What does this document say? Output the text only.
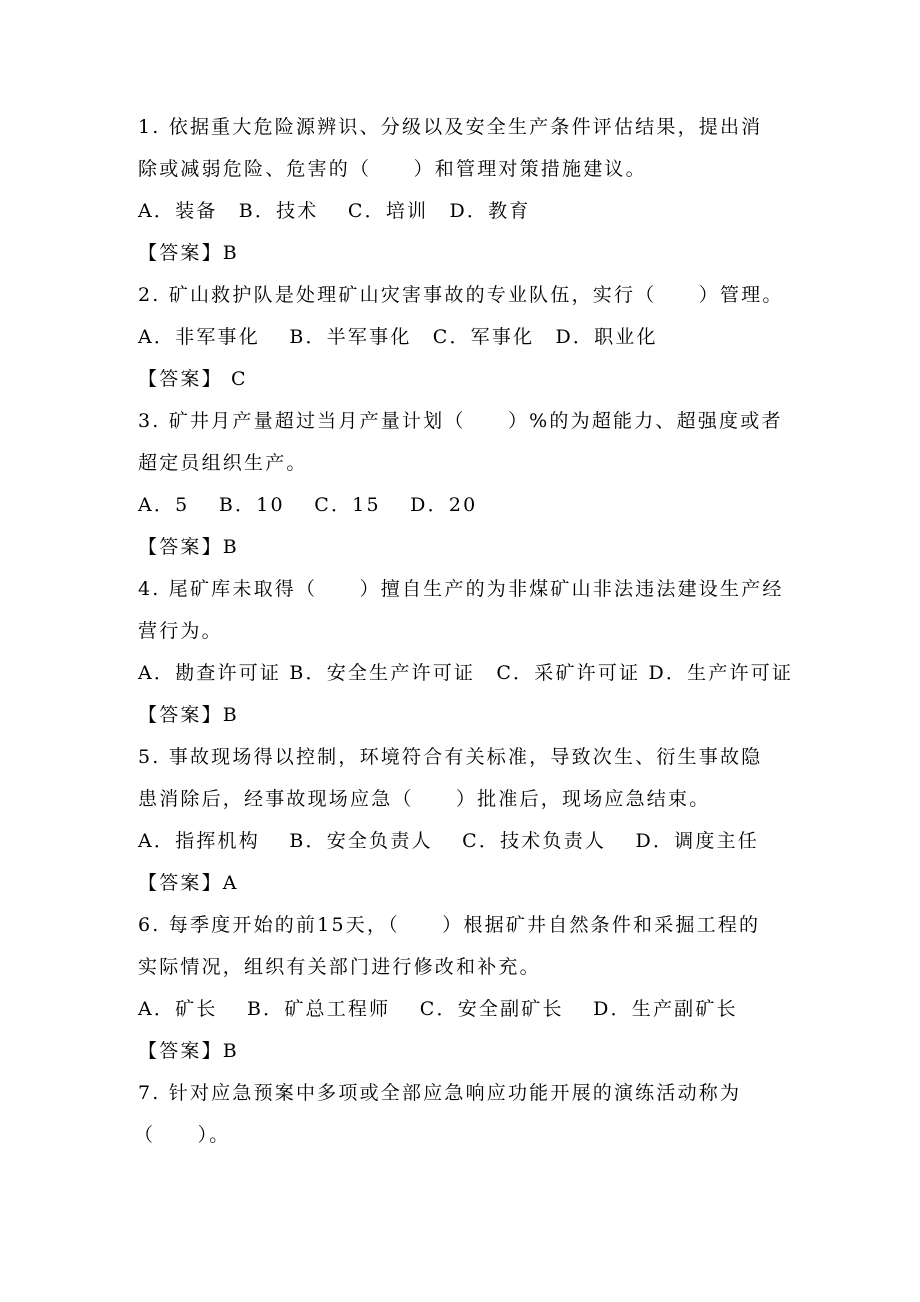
1. 依据重大危险源辨识、分级以及安全生产条件评估结果，提出消
除或减弱危险、危害的（　　）和管理对策措施建议。
A．装备　B．技术　 C．培训　D．教育
【答案】B
2. 矿山救护队是处理矿山灾害事故的专业队伍，实行（　　）管理。
A．非军事化　 B．半军事化　C．军事化　D．职业化
【答案】 C
3. 矿井月产量超过当月产量计划（　　）%的为超能力、超强度或者
超定员组织生产。
A．5　 B．10　 C．15　 D．20
【答案】B
4. 尾矿库未取得（　　）擅自生产的为非煤矿山非法违法建设生产经
营行为。
A．勘查许可证 B．安全生产许可证　C．采矿许可证 D．生产许可证
【答案】B
5. 事故现场得以控制，环境符合有关标准，导致次生、衍生事故隐
患消除后，经事故现场应急（　　）批准后，现场应急结束。
A．指挥机构　 B．安全负责人　 C．技术负责人　 D．调度主任
【答案】A
6. 每季度开始的前15天，（　　）根据矿井自然条件和采掘工程的
实际情况，组织有关部门进行修改和补充。
A．矿长　 B．矿总工程师　 C．安全副矿长　 D．生产副矿长
【答案】B
7. 针对应急预案中多项或全部应急响应功能开展的演练活动称为
（　　）。
